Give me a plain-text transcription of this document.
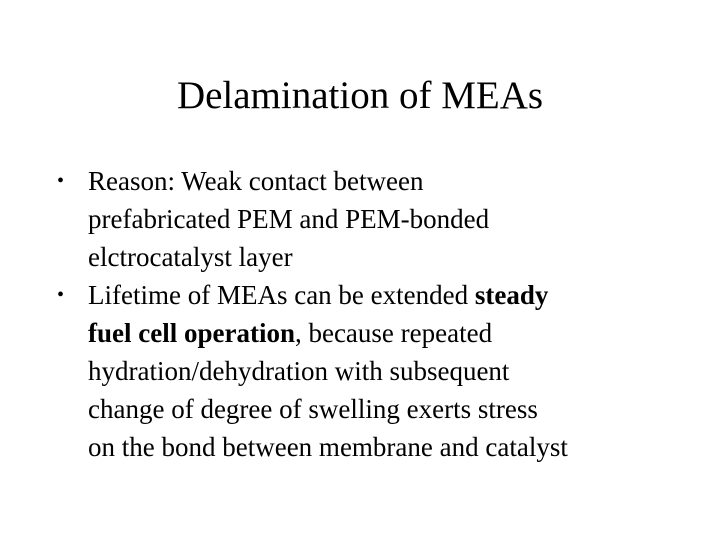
Delamination of MEAs
• Reason: Weak contact between
prefabricated PEM and PEM-bonded
elctrocatalyst layer
• Lifetime of MEAs can be extended steady
fuel cell operation, because repeated
hydration/dehydration with subsequent
change of degree of swelling exerts stress
on the bond between membrane and catalyst
